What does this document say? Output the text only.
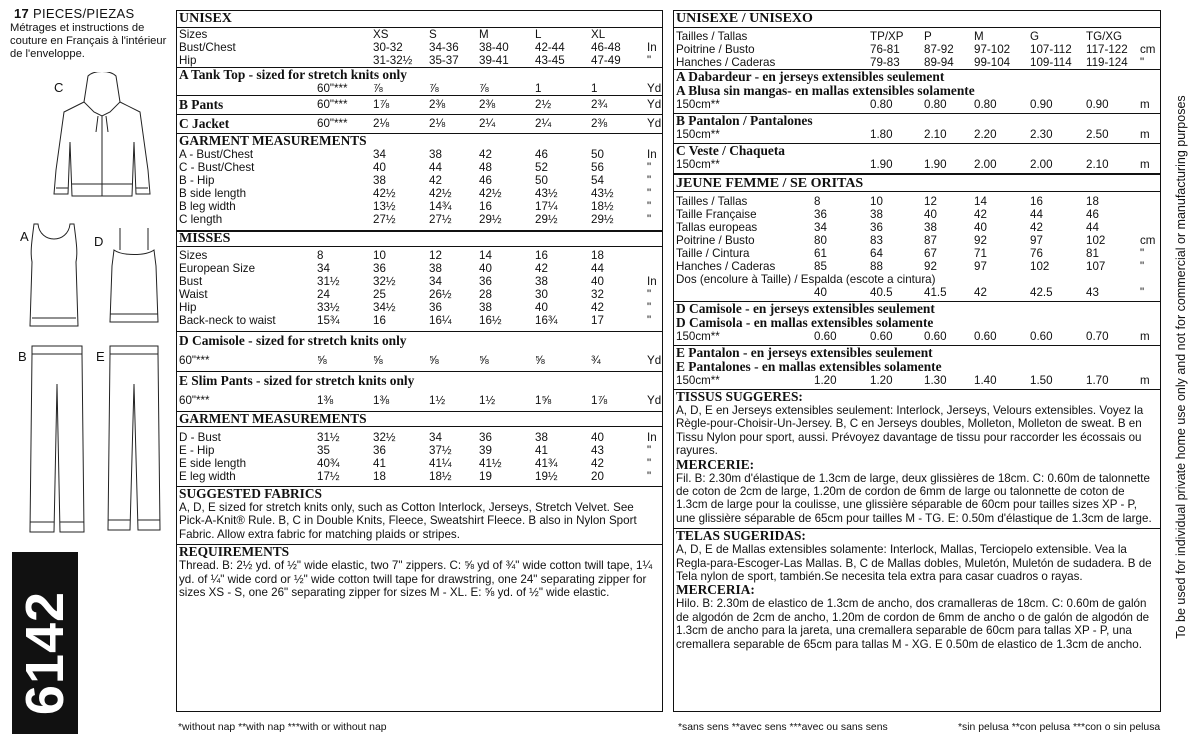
17 PIECES/PIEZAS
Métrages et instructions de couture en Français à l'intérieur de l'enveloppe.
C
A	D
B	E
6142
UNISEX
Sizes	XS	S	M	L	XL
Bust/Chest	30-32 34-36 38-40 42-44 46-48 In
Hip	31-32½ 35-37 39-41 43-45 47-49 "
A Tank Top - sized for stretch knits only
60"*** ⅞	⅞	⅞	1	1	Yd
B Pants	60"*** 1⅞	2⅜	2⅜	2½	2¾	Yd
C Jacket	60"*** 2⅛	2⅛	2¼	2¼	2⅜	Yd
GARMENT MEASUREMENTS
A - Bust/Chest	34	38	42	46	50	In
C - Bust/Chest	40	44	48	52	56	"
B - Hip	38	42	46	50	54	"
B side length	42½	42½ 42½	43½	43½	"
B leg width	13½	14¾ 16	17¼	18½	"
C length	27½	27½ 29½	29½	29½	"
MISSES
Sizes	8	10	12	14	16	18
European Size	34	36	38	40	42	44
Bust	31½	32½	34	36	38	40	In
Waist	24	25	26½ 28	30	32	"
Hip	33½	34½	36	38	40	42	"
Back-neck to waist	15¾	16	16¼ 16½	16¾	17	"
D Camisole - sized for stretch knits only
60"***	⅝	⅝	⅝	⅝	⅝	¾	Yd
E Slim Pants - sized for stretch knits only
60"***	1⅜	1⅜	1½	1½	1⅝	1⅞	Yd
GARMENT MEASUREMENTS
D - Bust	31½	32½	34	36	38	40	In
E - Hip	35	36	37½ 39	41	43	"
E side length	40¾	41	41¼ 41½	41¾	42	"
E leg width	17½	18	18½ 19	19½	20	"
SUGGESTED FABRICS
A, D, E sized for stretch knits only, such as Cotton Interlock, Jerseys, Stretch Velvet. See Pick-A-Knit® Rule. B, C in Double Knits, Fleece, Sweatshirt Fleece. B also in Nylon Sport Fabric. Allow extra fabric for matching plaids or stripes.
REQUIREMENTS
Thread. B: 2½ yd. of ½" wide elastic, two 7" zippers. C: ⅝ yd of ¾" wide cotton twill tape, 1¼ yd. of ¼" wide cord or ½" wide cotton twill tape for drawstring, one 24" separating zipper for sizes XS - S, one 26" separating zipper for sizes M - XL. E: ⅝ yd. of ½" wide elastic.
*without nap **with nap ***with or without nap
UNISEXE / UNISEXO
Tailles / Tallas	TP/XP P	M	G	TG/XG
Poitrine / Busto	76-81 87-92 97-102 107-112 117-122 cm
Hanches / Caderas	79-83 89-94 99-104 109-114 119-124 "
A Dabardeur - en jerseys extensibles seulement
A Blusa sin mangas- en mallas extensibles solamente
150cm**	0.80	0.80 0.80	0.90	0.90	m
B Pantalon / Pantalones
150cm**	1.80	2.10 2.20	2.30	2.50	m
C Veste / Chaqueta
150cm**	1.90	1.90 2.00	2.00	2.10	m
JEUNE FEMME / SE ORITAS
Tailles / Tallas	8	10	12	14	16	18
Taille Française	36	38	40	42	44	46
Tallas europeas	34	36	38	40	42	44
Poitrine / Busto	80	83	87	92	97	102	cm
Taille / Cintura	61	64	67	71	76	81	"
Hanches / Caderas	85	88	92	97	102	107	"
Dos (encolure à Taille) / Espalda (escote a cintura)
40	40.5	41.5 42	42.5	43	"
D Camisole - en jerseys extensibles seulement
D Camisola - en mallas extensibles solamente
150cm**	0.60	0.60	0.60 0.60	0.60	0.70	m
E Pantalon - en jerseys extensibles seulement
E Pantalones - en mallas extensibles solamente
150cm**	1.20	1.20	1.30 1.40	1.50	1.70	m
TISSUS SUGGERES:
A, D, E en Jerseys extensibles seulement: Interlock, Jerseys, Velours extensibles. Voyez la Règle-pour-Choisir-Un-Jersey. B, C en Jerseys doubles, Molleton, Molleton de sweat. B en Tissu Nylon pour sport, aussi. Prévoyez davantage de tissu pour raccorder les écossais ou rayures.
MERCERIE:
Fil. B: 2.30m d'élastique de 1.3cm de large, deux glissières de 18cm. C: 0.60m de talonnette de coton de 2cm de large, 1.20m de cordon de 6mm de large ou talonnette de coton de 1.3cm de large pour la coulisse, une glissière séparable de 60cm pour tailles sizes XP - P, une glissière séparable de 65cm pour tailles M - TG. E: 0.50m d'élastique de 1.3cm de large.
TELAS SUGERIDAS:
A, D, E de Mallas extensibles solamente: Interlock, Mallas, Terciopelo extensible. Vea la Regla-para-Escoger-Las Mallas. B, C de Mallas dobles, Muletón, Muletón de sudadera. B de Tela nylon de sport, también.Se necesita tela extra para casar cuadros o rayas.
MERCERIA:
Hilo. B: 2.30m de elastico de 1.3cm de ancho, dos cramalleras de 18cm. C: 0.60m de galón de algodón de 2cm de ancho, 1.20m de cordon de 6mm de ancho o de galón de algodón de 1.3cm de ancho para la jareta, una cremallera separable de 60cm para tallas XP - P, una cremallera separable de 65cm para tallas M - XG. E 0.50m de elastico de 1.3cm de ancho.
*sans sens **avec sens ***avec ou sans sens	*sin pelusa **con pelusa ***con o sin pelusa
To be used for individual private home use only and not for commercial or manufacturing purposes
